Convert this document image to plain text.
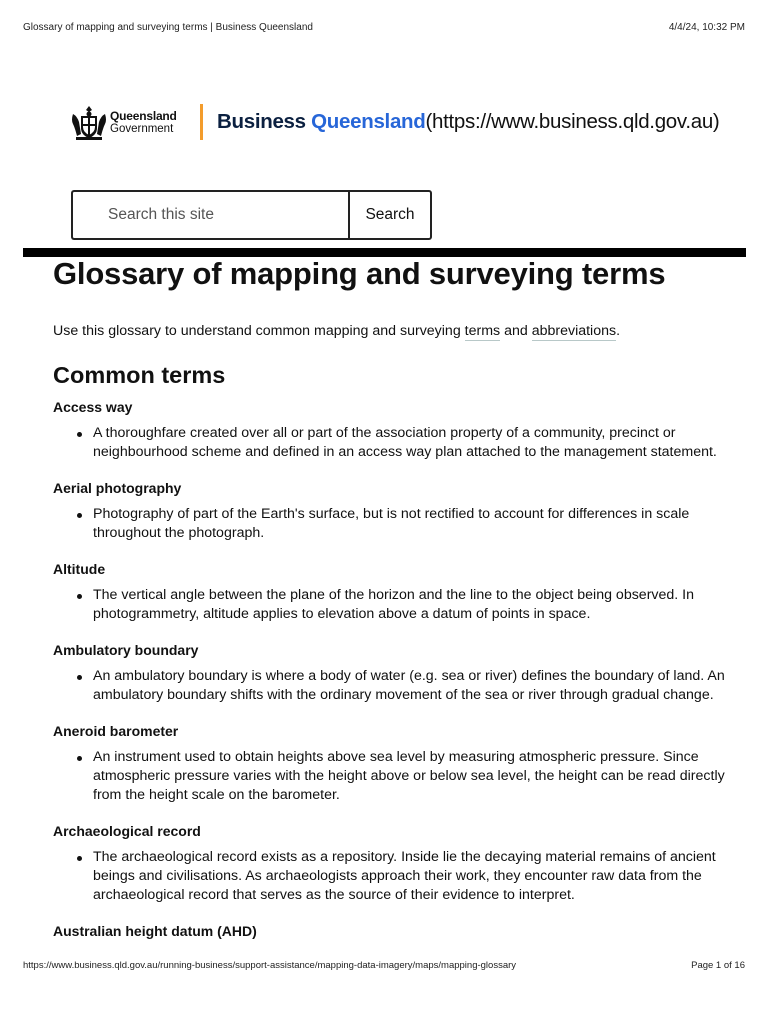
Glossary of mapping and surveying terms | Business Queensland	4/4/24, 10:32 PM
Queensland
Government Business Queensland(https://www.business.qld.gov.au)
Search this site
Search
Glossary of mapping and surveying terms

Use this glossary to understand common mapping and surveying terms and abbreviations.

Common terms
Access way
A thoroughfare created over all or part of the association property of a community, precinct or neighbourhood scheme and defined in an access way plan attached to the management statement.
Aerial photography
Photography of part of the Earth's surface, but is not rectified to account for differences in scale throughout the photograph.
Altitude
The vertical angle between the plane of the horizon and the line to the object being observed. In photogrammetry, altitude applies to elevation above a datum of points in space.
Ambulatory boundary
An ambulatory boundary is where a body of water (e.g. sea or river) defines the boundary of land. An ambulatory boundary shifts with the ordinary movement of the sea or river through gradual change.
Aneroid barometer
An instrument used to obtain heights above sea level by measuring atmospheric pressure. Since atmospheric pressure varies with the height above or below sea level, the height can be read directly from the height scale on the barometer.
Archaeological record
The archaeological record exists as a repository. Inside lie the decaying material remains of ancient beings and civilisations. As archaeologists approach their work, they encounter raw data from the archaeological record that serves as the source of their evidence to interpret.
Australian height datum (AHD)
https://www.business.qld.gov.au/running-business/support-assistance/mapping-data-imagery/maps/mapping-glossary	Page 1 of 16
